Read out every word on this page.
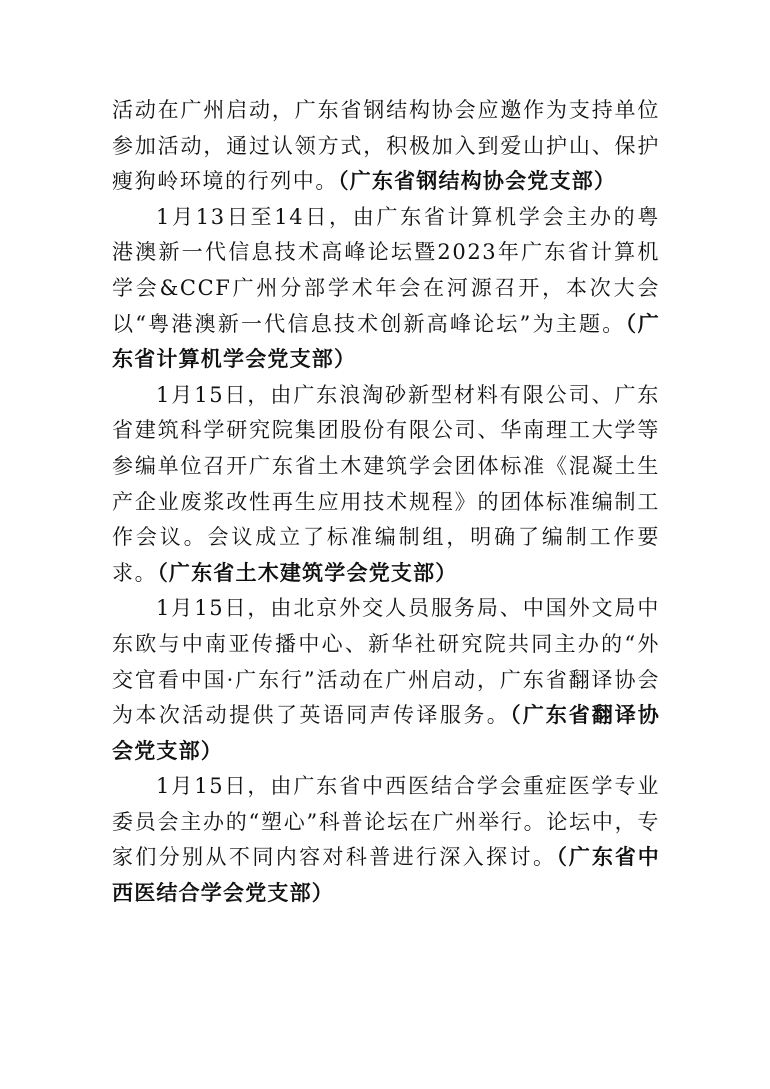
活动在广州启动，广东省钢结构协会应邀作为支持单位参加活动，通过认领方式，积极加入到爱山护山、保护瘦狗岭环境的行列中。（广东省钢结构协会党支部）

1月13日至14日，由广东省计算机学会主办的粤港澳新一代信息技术高峰论坛暨2023年广东省计算机学会&CCF广州分部学术年会在河源召开，本次大会以“粤港澳新一代信息技术创新高峰论坛”为主题。（广东省计算机学会党支部）

1月15日，由广东浪淘砂新型材料有限公司、广东省建筑科学研究院集团股份有限公司、华南理工大学等参编单位召开广东省土木建筑学会团体标准《混凝土生产企业废浆改性再生应用技术规程》的团体标准编制工作会议。会议成立了标准编制组，明确了编制工作要求。（广东省土木建筑学会党支部）

1月15日，由北京外交人员服务局、中国外文局中东欧与中南亚传播中心、新华社研究院共同主办的“外交官看中国·广东行”活动在广州启动，广东省翻译协会为本次活动提供了英语同声传译服务。（广东省翻译协会党支部）

1月15日，由广东省中西医结合学会重症医学专业委员会主办的“塑心”科普论坛在广州举行。论坛中，专家们分别从不同内容对科普进行深入探讨。（广东省中西医结合学会党支部）
